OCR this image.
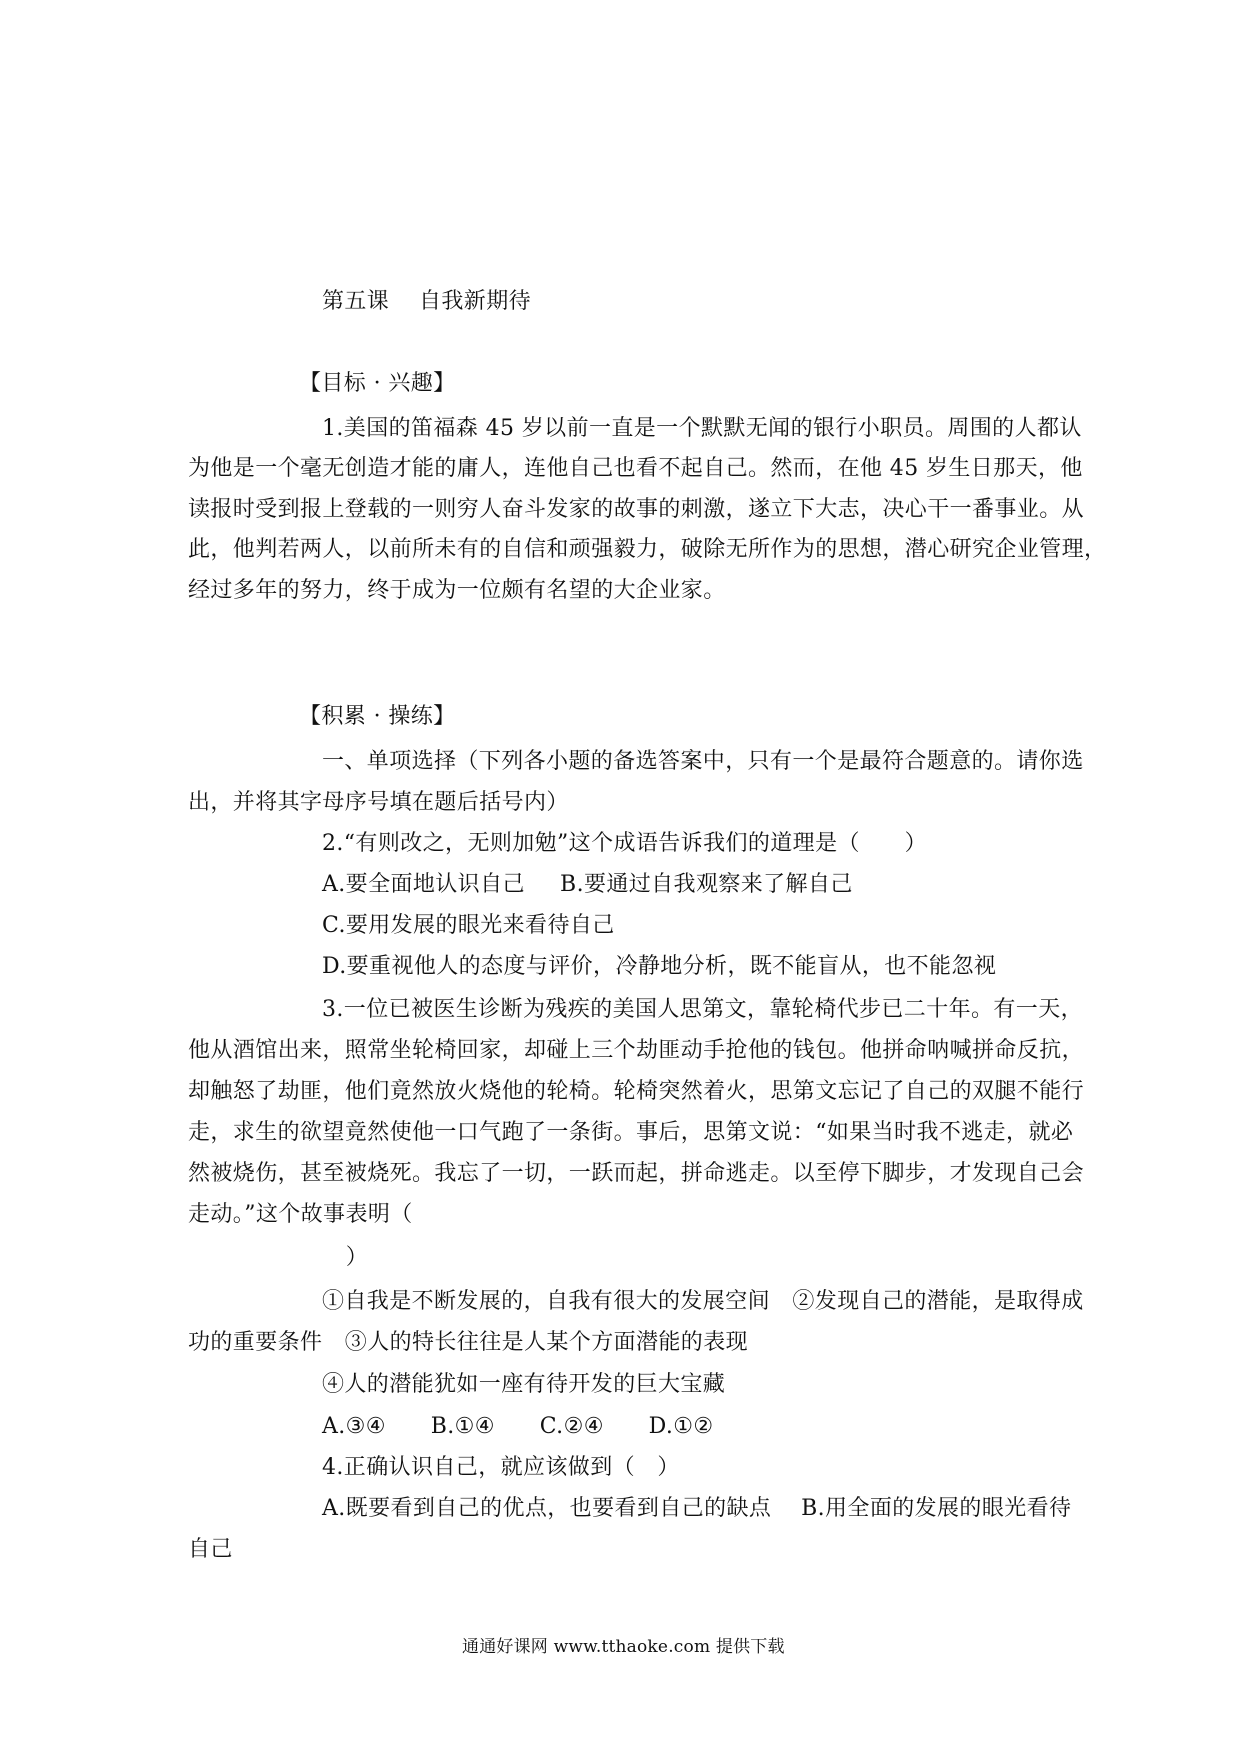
第五课　 自我新期待
【目标 · 兴趣】
1.美国的笛福森 45 岁以前一直是一个默默无闻的银行小职员。周围的人都认
为他是一个毫无创造才能的庸人，连他自己也看不起自己。然而，在他 45 岁生日那天，他
读报时受到报上登载的一则穷人奋斗发家的故事的刺激，遂立下大志，决心干一番事业。从
此，他判若两人，以前所未有的自信和顽强毅力，破除无所作为的思想，潜心研究企业管理，
经过多年的努力，终于成为一位颇有名望的大企业家。
【积累 · 操练】
一、单项选择（下列各小题的备选答案中，只有一个是最符合题意的。请你选
出，并将其字母序号填在题后括号内）
2.“有则改之，无则加勉”这个成语告诉我们的道理是（　　）
A.要全面地认识自己 B.要通过自我观察来了解自己
C.要用发展的眼光来看待自己
D.要重视他人的态度与评价，冷静地分析，既不能盲从，也不能忽视
3.一位已被医生诊断为残疾的美国人思第文，靠轮椅代步已二十年。有一天，
他从酒馆出来，照常坐轮椅回家，却碰上三个劫匪动手抢他的钱包。他拼命呐喊拼命反抗，
却触怒了劫匪，他们竟然放火烧他的轮椅。轮椅突然着火，思第文忘记了自己的双腿不能行
走，求生的欲望竟然使他一口气跑了一条街。事后，思第文说：“如果当时我不逃走，就必
然被烧伤，甚至被烧死。我忘了一切，一跃而起，拼命逃走。以至停下脚步，才发现自己会
走动。”这个故事表明（
　 ）
①自我是不断发展的，自我有很大的发展空间　②发现自己的潜能，是取得成
功的重要条件　③人的特长往往是人某个方面潜能的表现
④人的潜能犹如一座有待开发的巨大宝藏
A.③④　　B.①④　　C.②④　　D.①②
4.正确认识自己，就应该做到（　）
A.既要看到自己的优点，也要看到自己的缺点　 B.用全面的发展的眼光看待
自己
通通好课网 www.tthaoke.com 提供下载
